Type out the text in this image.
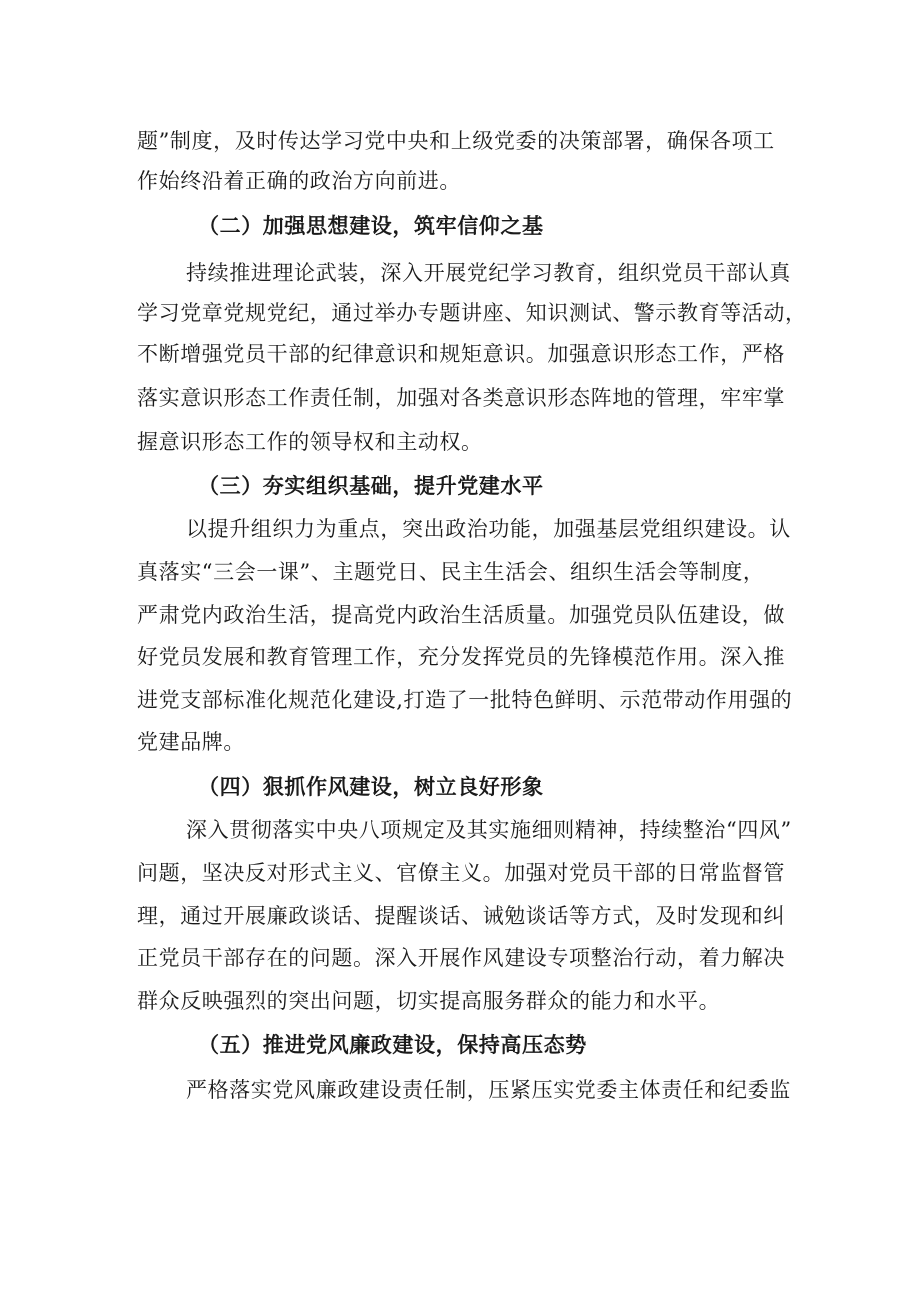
题”制度，及时传达学习党中央和上级党委的决策部署，确保各项工
作始终沿着正确的政治方向前进。
（二）加强思想建设，筑牢信仰之基
持续推进理论武装，深入开展党纪学习教育，组织党员干部认真
学习党章党规党纪，通过举办专题讲座、知识测试、警示教育等活动，
不断增强党员干部的纪律意识和规矩意识。加强意识形态工作，严格
落实意识形态工作责任制，加强对各类意识形态阵地的管理，牢牢掌
握意识形态工作的领导权和主动权。
（三）夯实组织基础，提升党建水平
以提升组织力为重点，突出政治功能，加强基层党组织建设。认
真落实“三会一课”、主题党日、民主生活会、组织生活会等制度，
严肃党内政治生活，提高党内政治生活质量。加强党员队伍建设，做
好党员发展和教育管理工作，充分发挥党员的先锋模范作用。深入推
进党支部标准化规范化建设,打造了一批特色鲜明、示范带动作用强的
党建品牌。
（四）狠抓作风建设，树立良好形象
深入贯彻落实中央八项规定及其实施细则精神，持续整治“四风”
问题，坚决反对形式主义、官僚主义。加强对党员干部的日常监督管
理，通过开展廉政谈话、提醒谈话、诫勉谈话等方式，及时发现和纠
正党员干部存在的问题。深入开展作风建设专项整治行动，着力解决
群众反映强烈的突出问题，切实提高服务群众的能力和水平。
（五）推进党风廉政建设，保持高压态势
严格落实党风廉政建设责任制，压紧压实党委主体责任和纪委监
